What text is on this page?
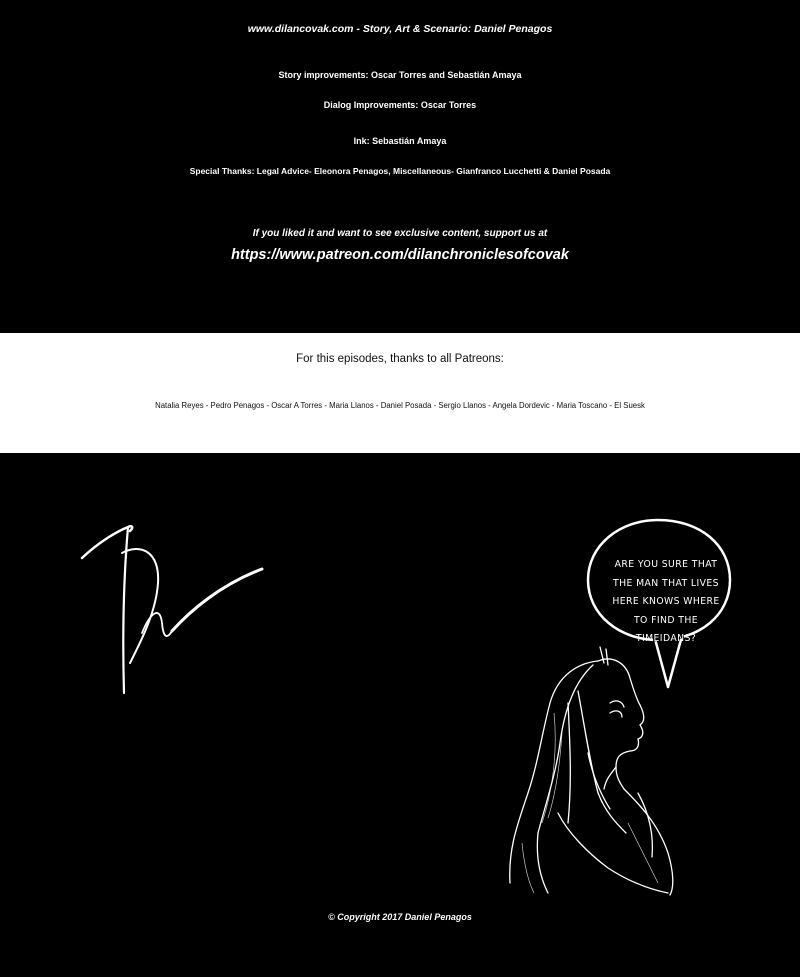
www.dilancovak.com - Story, Art & Scenario: Daniel Penagos
Story improvements: Oscar Torres and Sebastián Amaya
Dialog Improvements: Oscar Torres
Ink: Sebastián Amaya
Special Thanks: Legal Advice- Eleonora Penagos, Miscellaneous- Gianfranco Lucchetti & Daniel Posada
If you liked it and want to see exclusive content, support us at
https://www.patreon.com/dilanchroniclesofcovak
For this episodes, thanks to all Patreons:
Natalia Reyes - Pedro Penagos - Oscar A Torres - Maria Llanos - Daniel Posada - Sergio Llanos - Angela Dordevic - Maria Toscano - El Suesk
ARE YOU SURE THAT
THE MAN THAT LIVES
HERE KNOWS WHERE
TO FIND THE
TIMEIDANS?
© Copyright 2017 Daniel Penagos
